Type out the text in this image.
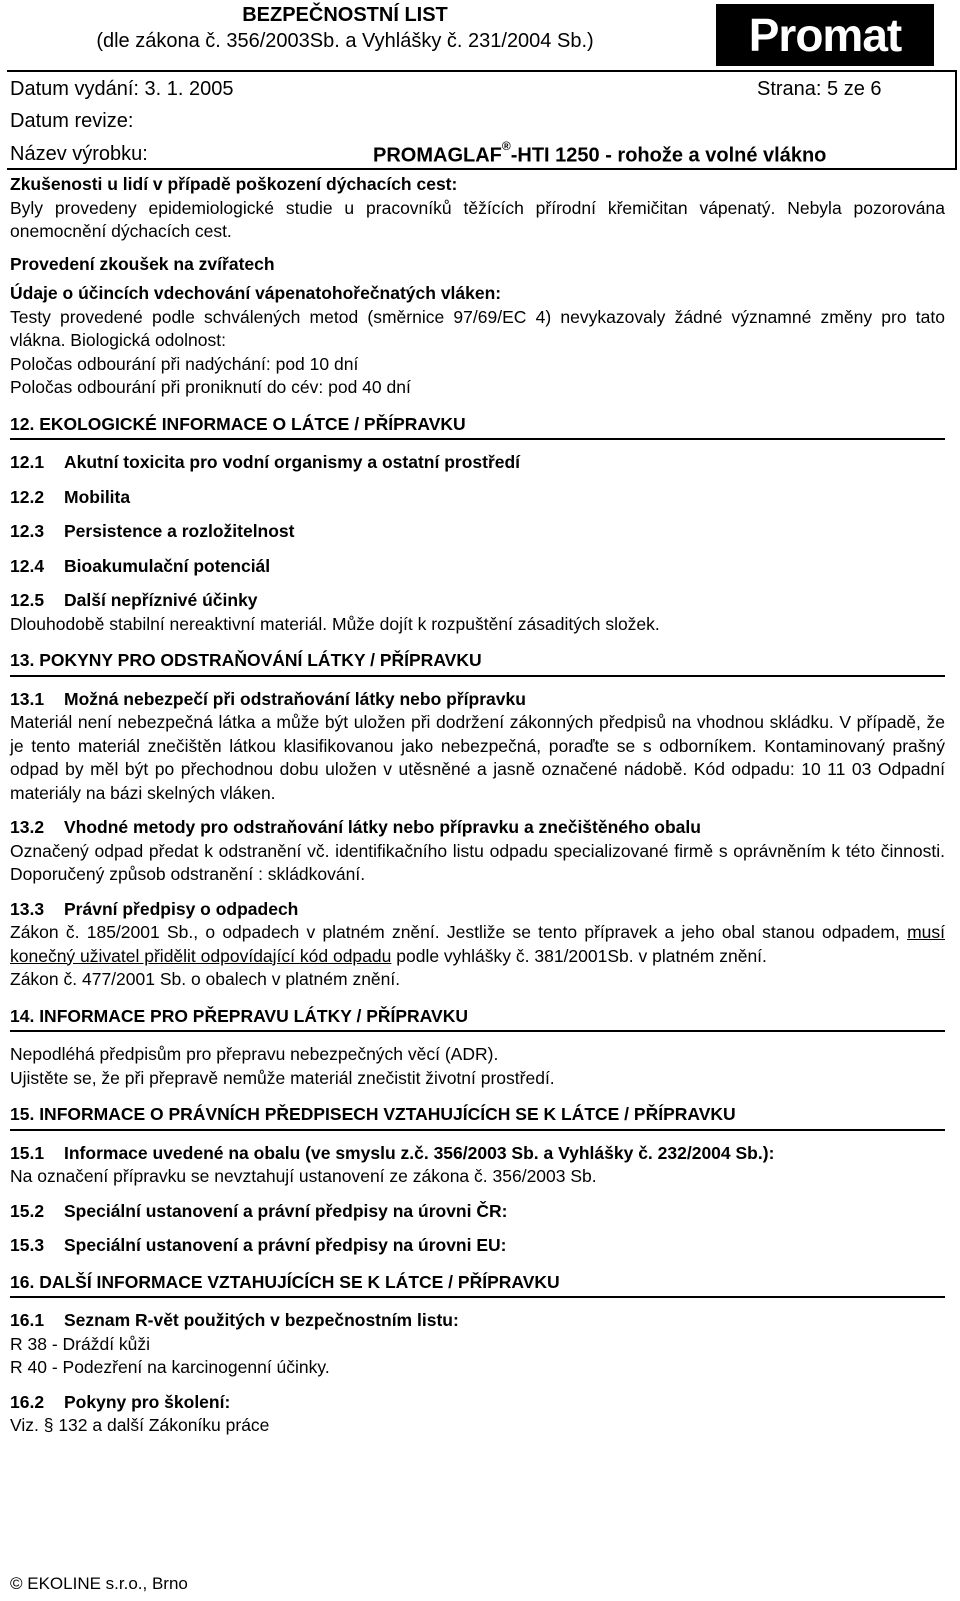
BEZPEČNOSTNÍ LIST
(dle zákona č. 356/2003Sb. a Vyhlášky č. 231/2004 Sb.)	Promat
Datum vydání: 3. 1. 2005	Strana: 5 ze 6
Datum revize:
Název výrobku:	PROMAGLAF®-HTI 1250 - rohože a volné vlákno

Zkušenosti u lidí v případě poškození dýchacích cest:

Byly provedeny epidemiologické studie u pracovníků těžících přírodní křemičitan vápenatý. Nebyla pozorována onemocnění dýchacích cest.

Provedení zkoušek na zvířatech

Údaje o účincích vdechování vápenatohořečnatých vláken:

Testy provedené podle schválených metod (směrnice 97/69/EC 4) nevykazovaly žádné významné změny pro tato vlákna. Biologická odolnost:

Poločas odbourání při nadýchání: pod 10 dní

Poločas odbourání při proniknutí do cév: pod 40 dní

12. EKOLOGICKÉ INFORMACE O LÁTCE / PŘÍPRAVKU

12.1 Akutní toxicita pro vodní organismy a ostatní prostředí

12.2 Mobilita

12.3 Persistence a rozložitelnost

12.4 Bioakumulační potenciál

12.5 Další nepříznivé účinky

Dlouhodobě stabilní nereaktivní materiál. Může dojít k rozpuštění zásaditých složek.

13. POKYNY PRO ODSTRAŇOVÁNÍ LÁTKY / PŘÍPRAVKU

13.1 Možná nebezpečí při odstraňování látky nebo přípravku

Materiál není nebezpečná látka a může být uložen při dodržení zákonných předpisů na vhodnou skládku. V případě, že je tento materiál znečištěn látkou klasifikovanou jako nebezpečná, poraďte se s odborníkem. Kontaminovaný prašný odpad by měl být po přechodnou dobu uložen v utěsněné a jasně označené nádobě. Kód odpadu: 10 11 03 Odpadní materiály na bázi skelných vláken.

13.2 Vhodné metody pro odstraňování látky nebo přípravku a znečištěného obalu

Označený odpad předat k odstranění vč. identifikačního listu odpadu specializované firmě s oprávněním k této činnosti. Doporučený způsob odstranění : skládkování.

13.3 Právní předpisy o odpadech

Zákon č. 185/2001 Sb., o odpadech v platném znění. Jestliže se tento přípravek a jeho obal stanou odpadem, musí konečný uživatel přidělit odpovídající kód odpadu podle vyhlášky č. 381/2001Sb. v platném znění.

Zákon č. 477/2001 Sb. o obalech v platném znění.

14. INFORMACE PRO PŘEPRAVU LÁTKY / PŘÍPRAVKU

Nepodléhá předpisům pro přepravu nebezpečných věcí (ADR).

Ujistěte se, že při přepravě nemůže materiál znečistit životní prostředí.

15. INFORMACE O PRÁVNÍCH PŘEDPISECH VZTAHUJÍCÍCH SE K LÁTCE / PŘÍPRAVKU

15.1 Informace uvedené na obalu (ve smyslu z.č. 356/2003 Sb. a Vyhlášky č. 232/2004 Sb.):

Na označení přípravku se nevztahují ustanovení ze zákona č. 356/2003 Sb.

15.2 Speciální ustanovení a právní předpisy na úrovni ČR:

15.3 Speciální ustanovení a právní předpisy na úrovni EU:

16. DALŠÍ INFORMACE VZTAHUJÍCÍCH SE K LÁTCE / PŘÍPRAVKU

16.1 Seznam R-vět použitých v bezpečnostním listu:

R 38 - Dráždí kůži

R 40 - Podezření na karcinogenní účinky.

16.2 Pokyny pro školení:

Viz. § 132 a další Zákoníku práce

© EKOLINE s.r.o., Brno
